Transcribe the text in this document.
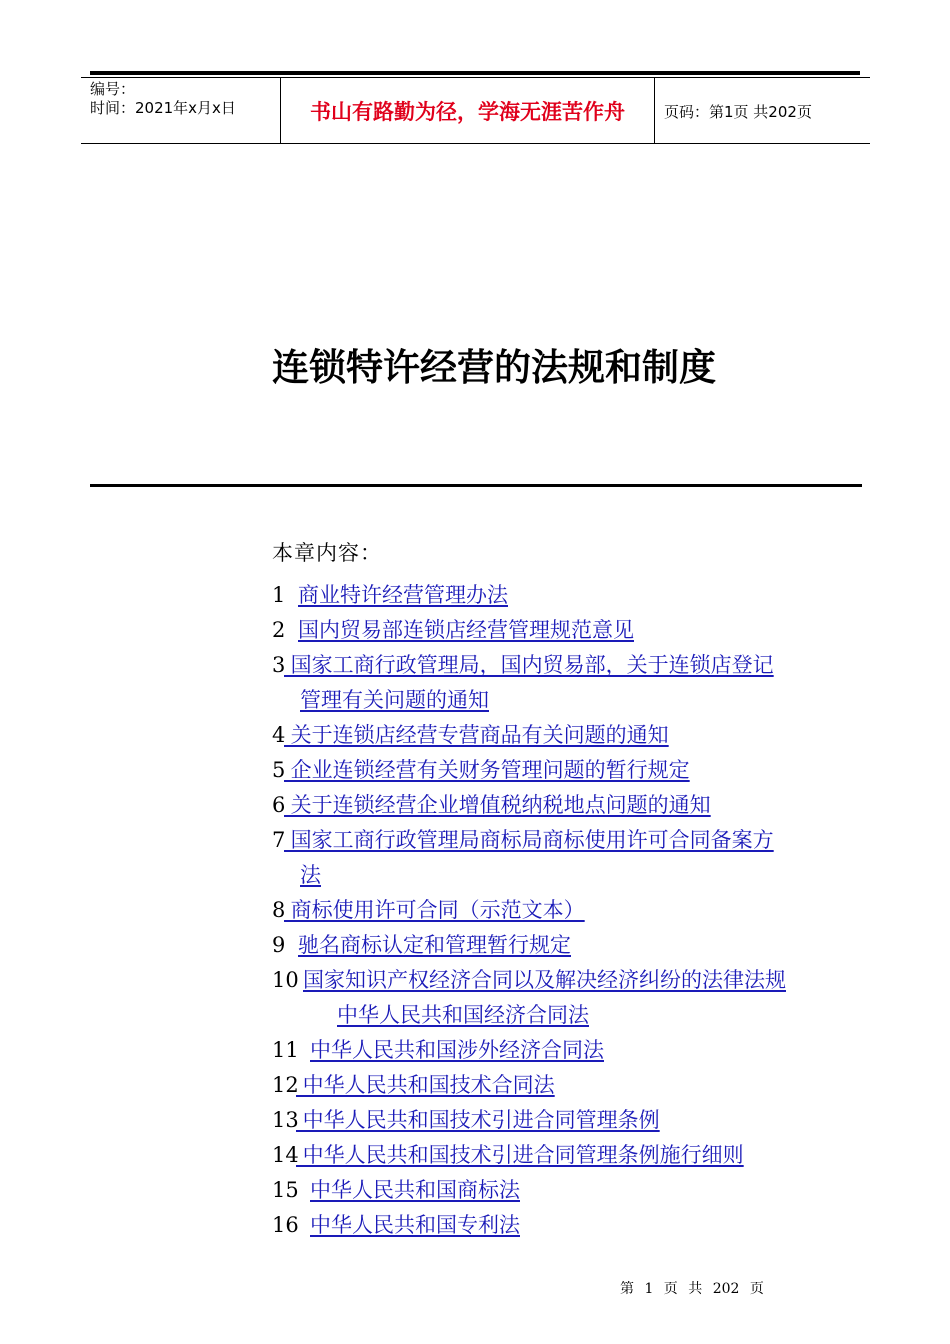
编号：
时间：2021年x月x日	书山有路勤为径，学海无涯苦作舟	页码：第1页 共202页
连锁特许经营的法规和制度
本章内容：
1 商业特许经营管理办法
2 国内贸易部连锁店经营管理规范意见
3 国家工商行政管理局，国内贸易部，关于连锁店登记
管理有关问题的通知
4 关于连锁店经营专营商品有关问题的通知
5 企业连锁经营有关财务管理问题的暂行规定
6 关于连锁经营企业增值税纳税地点问题的通知
7 国家工商行政管理局商标局商标使用许可合同备案方
法
8 商标使用许可合同（示范文本）
9 驰名商标认定和管理暂行规定
10 国家知识产权经济合同以及解决经济纠纷的法律法规
中华人民共和国经济合同法
11 中华人民共和国涉外经济合同法
12 中华人民共和国技术合同法
13 中华人民共和国技术引进合同管理条例
14 中华人民共和国技术引进合同管理条例施行细则
15 中华人民共和国商标法
16 中华人民共和国专利法
第 1 页 共 202 页
